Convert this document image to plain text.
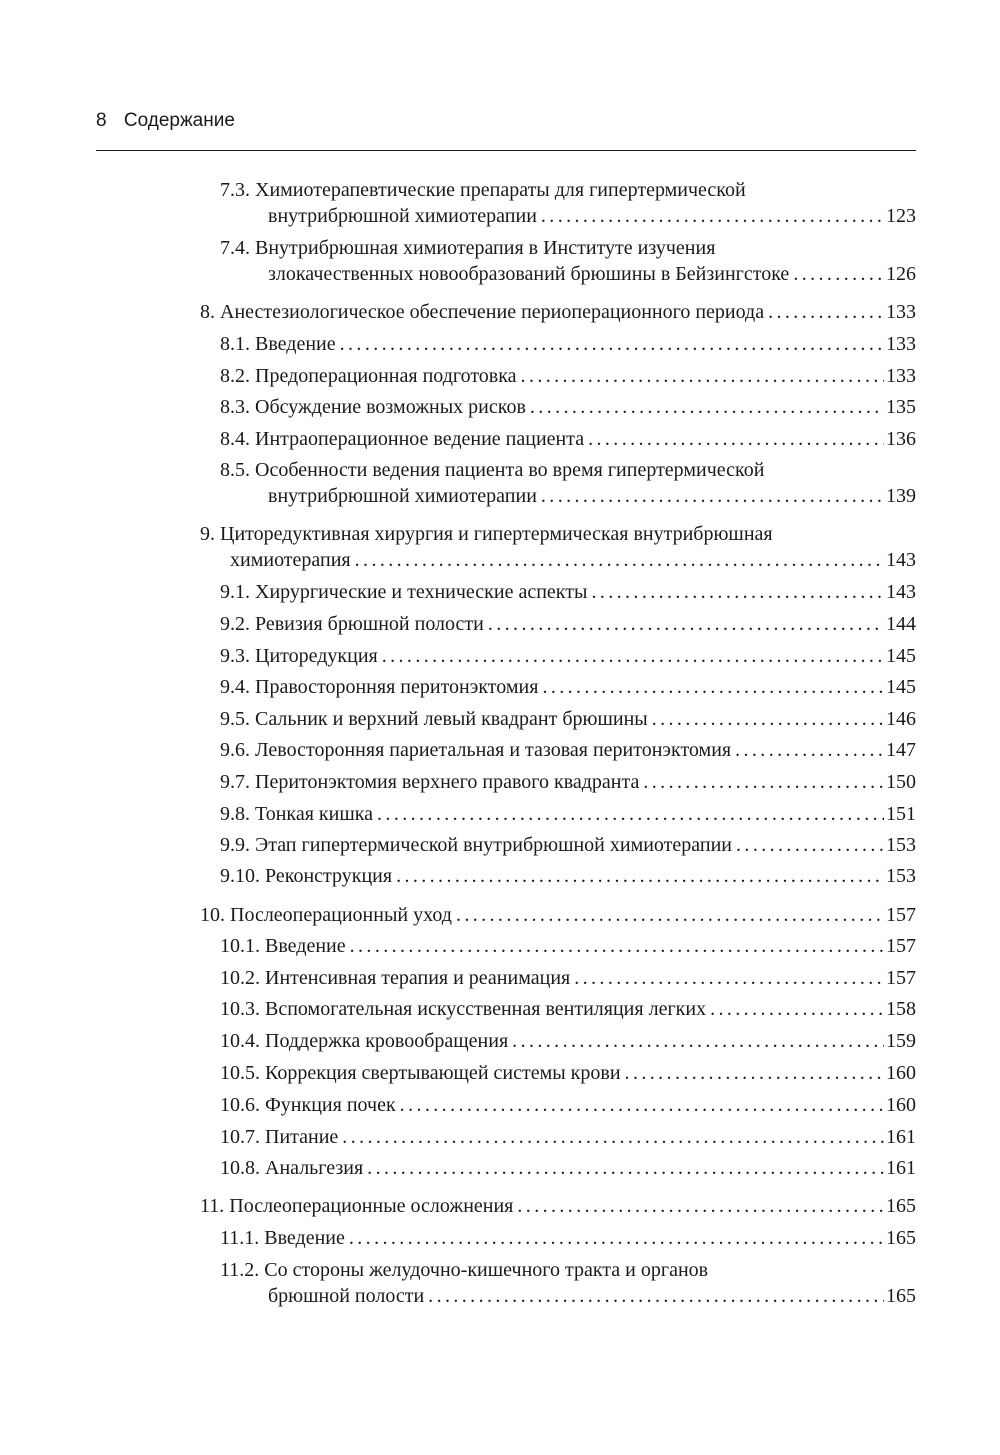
8 Содержание
7.3. Химиотерапевтические препараты для гипертермической
внутрибрюшной химиотерапии .....	123
7.4. Внутрибрюшная химиотерапия в Институте изучения
злокачественных новообразований брюшины в Бейзингстоке .....	126
8. Анестезиологическое обеспечение периоперационного периода .....	133
8.1. Введение .....	133
8.2. Предоперационная подготовка .....	133
8.3. Обсуждение возможных рисков .....	135
8.4. Интраоперационное ведение пациента .....	136
8.5. Особенности ведения пациента во время гипертермической
внутрибрюшной химиотерапии .....	139
9. Циторедуктивная хирургия и гипертермическая внутрибрюшная
химиотерапия .....	143
9.1. Хирургические и технические аспекты .....	143
9.2. Ревизия брюшной полости .....	144
9.3. Циторедукция .....	145
9.4. Правосторонняя перитонэктомия .....	145
9.5. Сальник и верхний левый квадрант брюшины .....	146
9.6. Левосторонняя париетальная и тазовая перитонэктомия .....	147
9.7. Перитонэктомия верхнего правого квадранта .....	150
9.8. Тонкая кишка .....	151
9.9. Этап гипертермической внутрибрюшной химиотерапии .....	153
9.10. Реконструкция .....	153
10. Послеоперационный уход .....	157
10.1. Введение .....	157
10.2. Интенсивная терапия и реанимация .....	157
10.3. Вспомогательная искусственная вентиляция легких .....	158
10.4. Поддержка кровообращения .....	159
10.5. Коррекция свертывающей системы крови .....	160
10.6. Функция почек .....	160
10.7. Питание .....	161
10.8. Анальгезия .....	161
11. Послеоперационные осложнения .....	165
11.1. Введение .....	165
11.2. Со стороны желудочно-кишечного тракта и органов
брюшной полости .....	165
